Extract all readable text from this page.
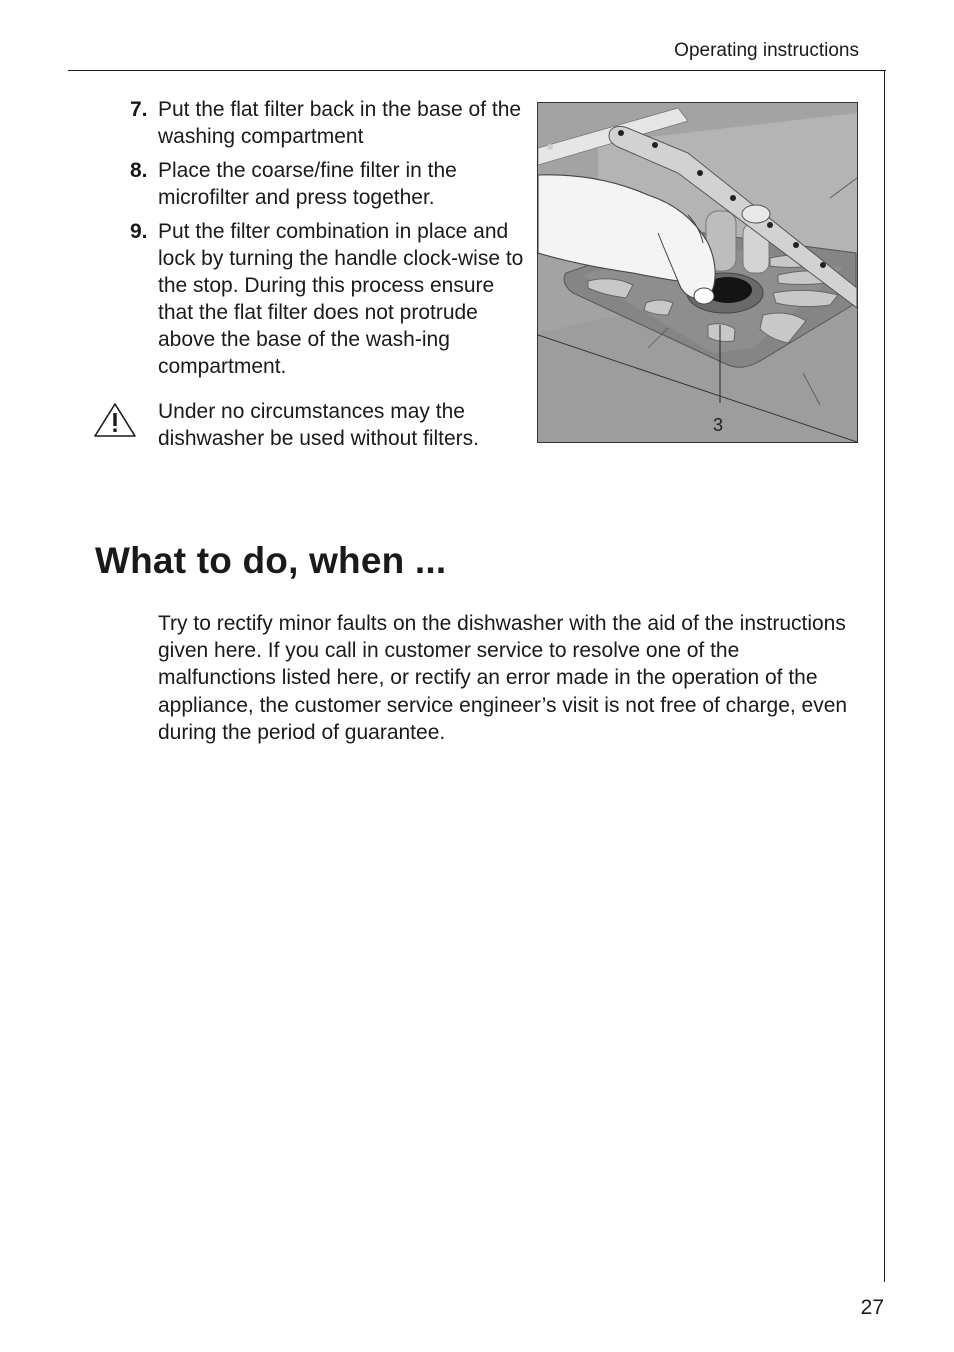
Operating instructions
7. Put the flat filter back in the base of the washing compartment
8. Place the coarse/fine filter in the microfilter and press together.
9. Put the filter combination in place and lock by turning the handle clock-wise to the stop. During this process ensure that the flat filter does not protrude above the base of the wash-ing compartment.
Under no circumstances may the dishwasher be used without filters.
3
What to do, when ...

Try to rectify minor faults on the dishwasher with the aid of the instructions given here. If you call in customer service to resolve one of the malfunctions listed here, or rectify an error made in the operation of the appliance, the customer service engineer’s visit is not free of charge, even during the period of guarantee.

27
